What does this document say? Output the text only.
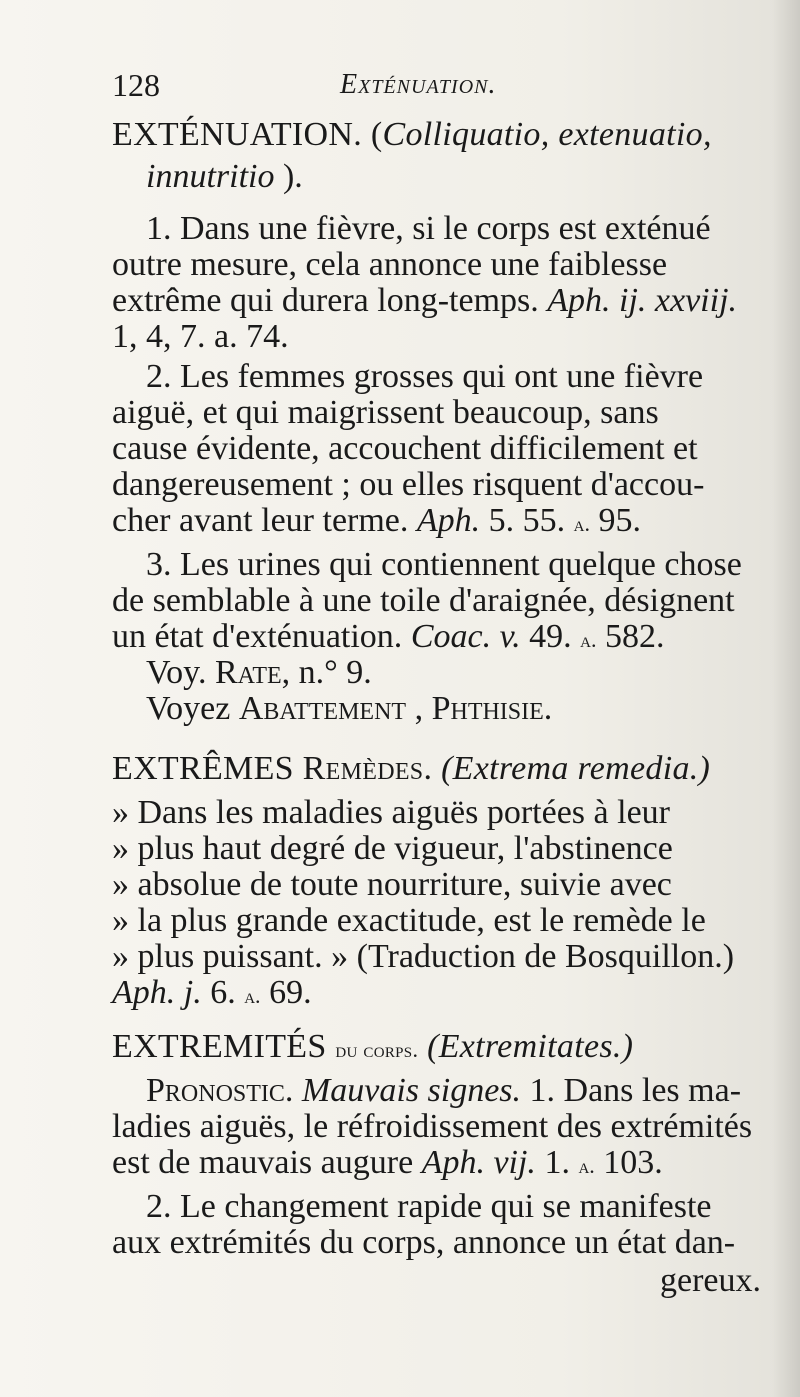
128	Exténuation.
EXTÉNUATION. (Colliquatio, extenuatio,
innutritio ).
1. Dans une fièvre, si le corps est exténué
outre mesure, cela annonce une faiblesse
extrême qui durera long-temps. Aph. ij. xxviij.
1, 4, 7. a. 74.
2. Les femmes grosses qui ont une fièvre
aiguë, et qui maigrissent beaucoup, sans
cause évidente, accouchent difficilement et
dangereusement ; ou elles risquent d'accou-
cher avant leur terme. Aph. 5. 55. a. 95.
3. Les urines qui contiennent quelque chose
de semblable à une toile d'araignée, désignent
un état d'exténuation. Coac. v. 49. a. 582.
Voy. Rate, n.° 9.
Voyez Abattement , Phthisie.
EXTRÊMES Remèdes. (Extrema remedia.)
» Dans les maladies aiguës portées à leur
» plus haut degré de vigueur, l'abstinence
» absolue de toute nourriture, suivie avec
» la plus grande exactitude, est le remède le
» plus puissant. » (Traduction de Bosquillon.)
Aph. j. 6. a. 69.
EXTREMITÉS du corps. (Extremitates.)
Pronostic. Mauvais signes. 1. Dans les ma-
ladies aiguës, le réfroidissement des extrémités
est de mauvais augure Aph. vij. 1. a. 103.
2. Le changement rapide qui se manifeste
aux extrémités du corps, annonce un état dan-
gereux.
